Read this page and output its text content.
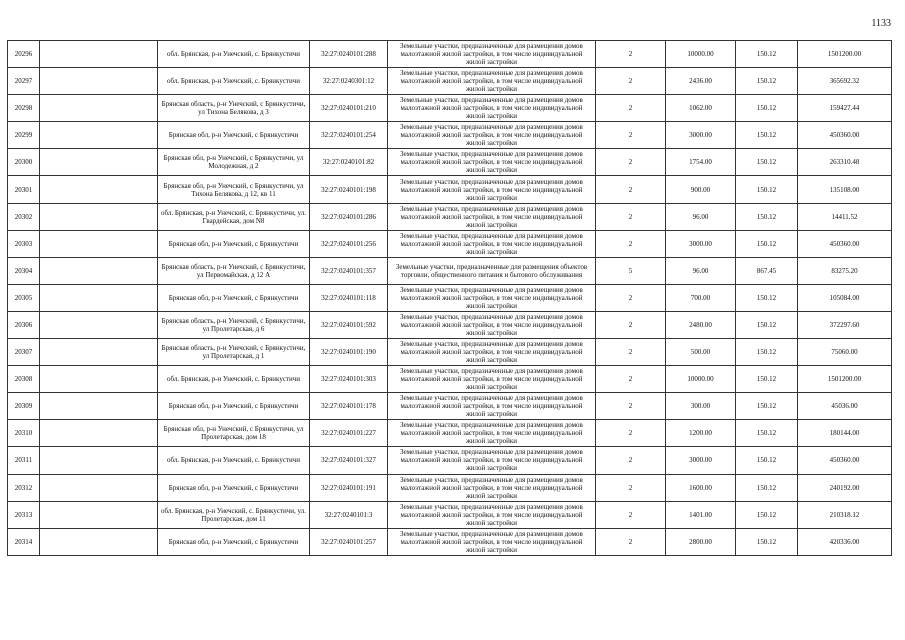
1133
20296		обл. Брянская, р-н Унечский, с. Брянкустичи	32:27:0240101:288	Земельные участки, предназначенные для размещения домов малоэтажной жилой застройки, в том числе индивидуальной жилой застройки	2	10000.00	150.12	1501200.00
20297		обл. Брянская, р-н Унечский, с. Брянкустичи	32:27:0240301:12	Земельные участки, предназначенные для размещения домов малоэтажной жилой застройки, в том числе индивидуальной жилой застройки	2	2436.00	150.12	365692.32
20298		Брянская область, р-н Унечский, с Брянкустичи, ул Тихона Белякова, д 3	32:27:0240101:210	Земельные участки, предназначенные для размещения домов малоэтажной жилой застройки, в том числе индивидуальной жилой застройки	2	1062.00	150.12	159427.44
20299		Брянская обл, р-н Унечский, с Брянкустичи	32:27:0240101:254	Земельные участки, предназначенные для размещения домов малоэтажной жилой застройки, в том числе индивидуальной жилой застройки	2	3000.00	150.12	450360.00
20300		Брянская обл, р-н Унечский, с Брянкустичи, ул Молодежная, д 2	32:27:0240101:82	Земельные участки, предназначенные для размещения домов малоэтажной жилой застройки, в том числе индивидуальной жилой застройки	2	1754.00	150.12	263310.48
20301		Брянская обл, р-н Унечский, с Брянкустичи, ул Тихона Белякова, д 12, кв 11	32:27:0240101:198	Земельные участки, предназначенные для размещения домов малоэтажной жилой застройки, в том числе индивидуальной жилой застройки	2	900.00	150.12	135108.00
20302		обл. Брянская, р-н Унечский, с. Брянкустичи, ул. Гвардейская, дом N8	32:27:0240101:286	Земельные участки, предназначенные для размещения домов малоэтажной жилой застройки, в том числе индивидуальной жилой застройки	2	96.00	150.12	14411.52
20303		Брянская обл, р-н Унечский, с Брянкустичи	32:27:0240101:256	Земельные участки, предназначенные для размещения домов малоэтажной жилой застройки, в том числе индивидуальной жилой застройки	2	3000.00	150.12	450360.00
20304		Брянская область, р-н Унечский, с Брянкустичи, ул Первомайская, д 12 А	32:27:0240101:357	Земельные участки, предназначенные для размещения объектов торговли, общественного питания и бытового обслуживания	5	96.00	867.45	83275.20
20305		Брянская обл, р-н Унечский, с Брянкустичи	32:27:0240101:118	Земельные участки, предназначенные для размещения домов малоэтажной жилой застройки, в том числе индивидуальной жилой застройки	2	700.00	150.12	105084.00
20306		Брянская область, р-н Унечский, с Брянкустичи, ул Пролетарская, д 6	32:27:0240101:592	Земельные участки, предназначенные для размещения домов малоэтажной жилой застройки, в том числе индивидуальной жилой застройки	2	2480.00	150.12	372297.60
20307		Брянская область, р-н Унечский, с Брянкустичи, ул Пролетарская, д 1	32:27:0240101:190	Земельные участки, предназначенные для размещения домов малоэтажной жилой застройки, в том числе индивидуальной жилой застройки	2	500.00	150.12	75060.00
20308		обл. Брянская, р-н Унечский, с. Брянкустичи	32:27:0240101:303	Земельные участки, предназначенные для размещения домов малоэтажной жилой застройки, в том числе индивидуальной жилой застройки	2	10000.00	150.12	1501200.00
20309		Брянская обл, р-н Унечский, с Брянкустичи	32:27:0240101:178	Земельные участки, предназначенные для размещения домов малоэтажной жилой застройки, в том числе индивидуальной жилой застройки	2	300.00	150.12	45036.00
20310		Брянская обл, р-н Унечский, с Брянкустичи, ул Пролетарская, дом 18	32:27:0240101:227	Земельные участки, предназначенные для размещения домов малоэтажной жилой застройки, в том числе индивидуальной жилой застройки	2	1200.00	150.12	180144.00
20311		обл. Брянская, р-н Унечский, с. Брянкустичи	32:27:0240101:327	Земельные участки, предназначенные для размещения домов малоэтажной жилой застройки, в том числе индивидуальной жилой застройки	2	3000.00	150.12	450360.00
20312		Брянская обл, р-н Унечский, с Брянкустичи	32:27:0240101:191	Земельные участки, предназначенные для размещения домов малоэтажной жилой застройки, в том числе индивидуальной жилой застройки	2	1600.00	150.12	240192.00
20313		обл. Брянская, р-н Унечский, с. Брянкустичи, ул. Пролетарская, дом 11	32:27:0240101:3	Земельные участки, предназначенные для размещения домов малоэтажной жилой застройки, в том числе индивидуальной жилой застройки	2	1401.00	150.12	210318.12
20314		Брянская обл, р-н Унечский, с Брянкустичи	32:27:0240101:257	Земельные участки, предназначенные для размещения домов малоэтажной жилой застройки, в том числе индивидуальной жилой застройки	2	2800.00	150.12	420336.00
